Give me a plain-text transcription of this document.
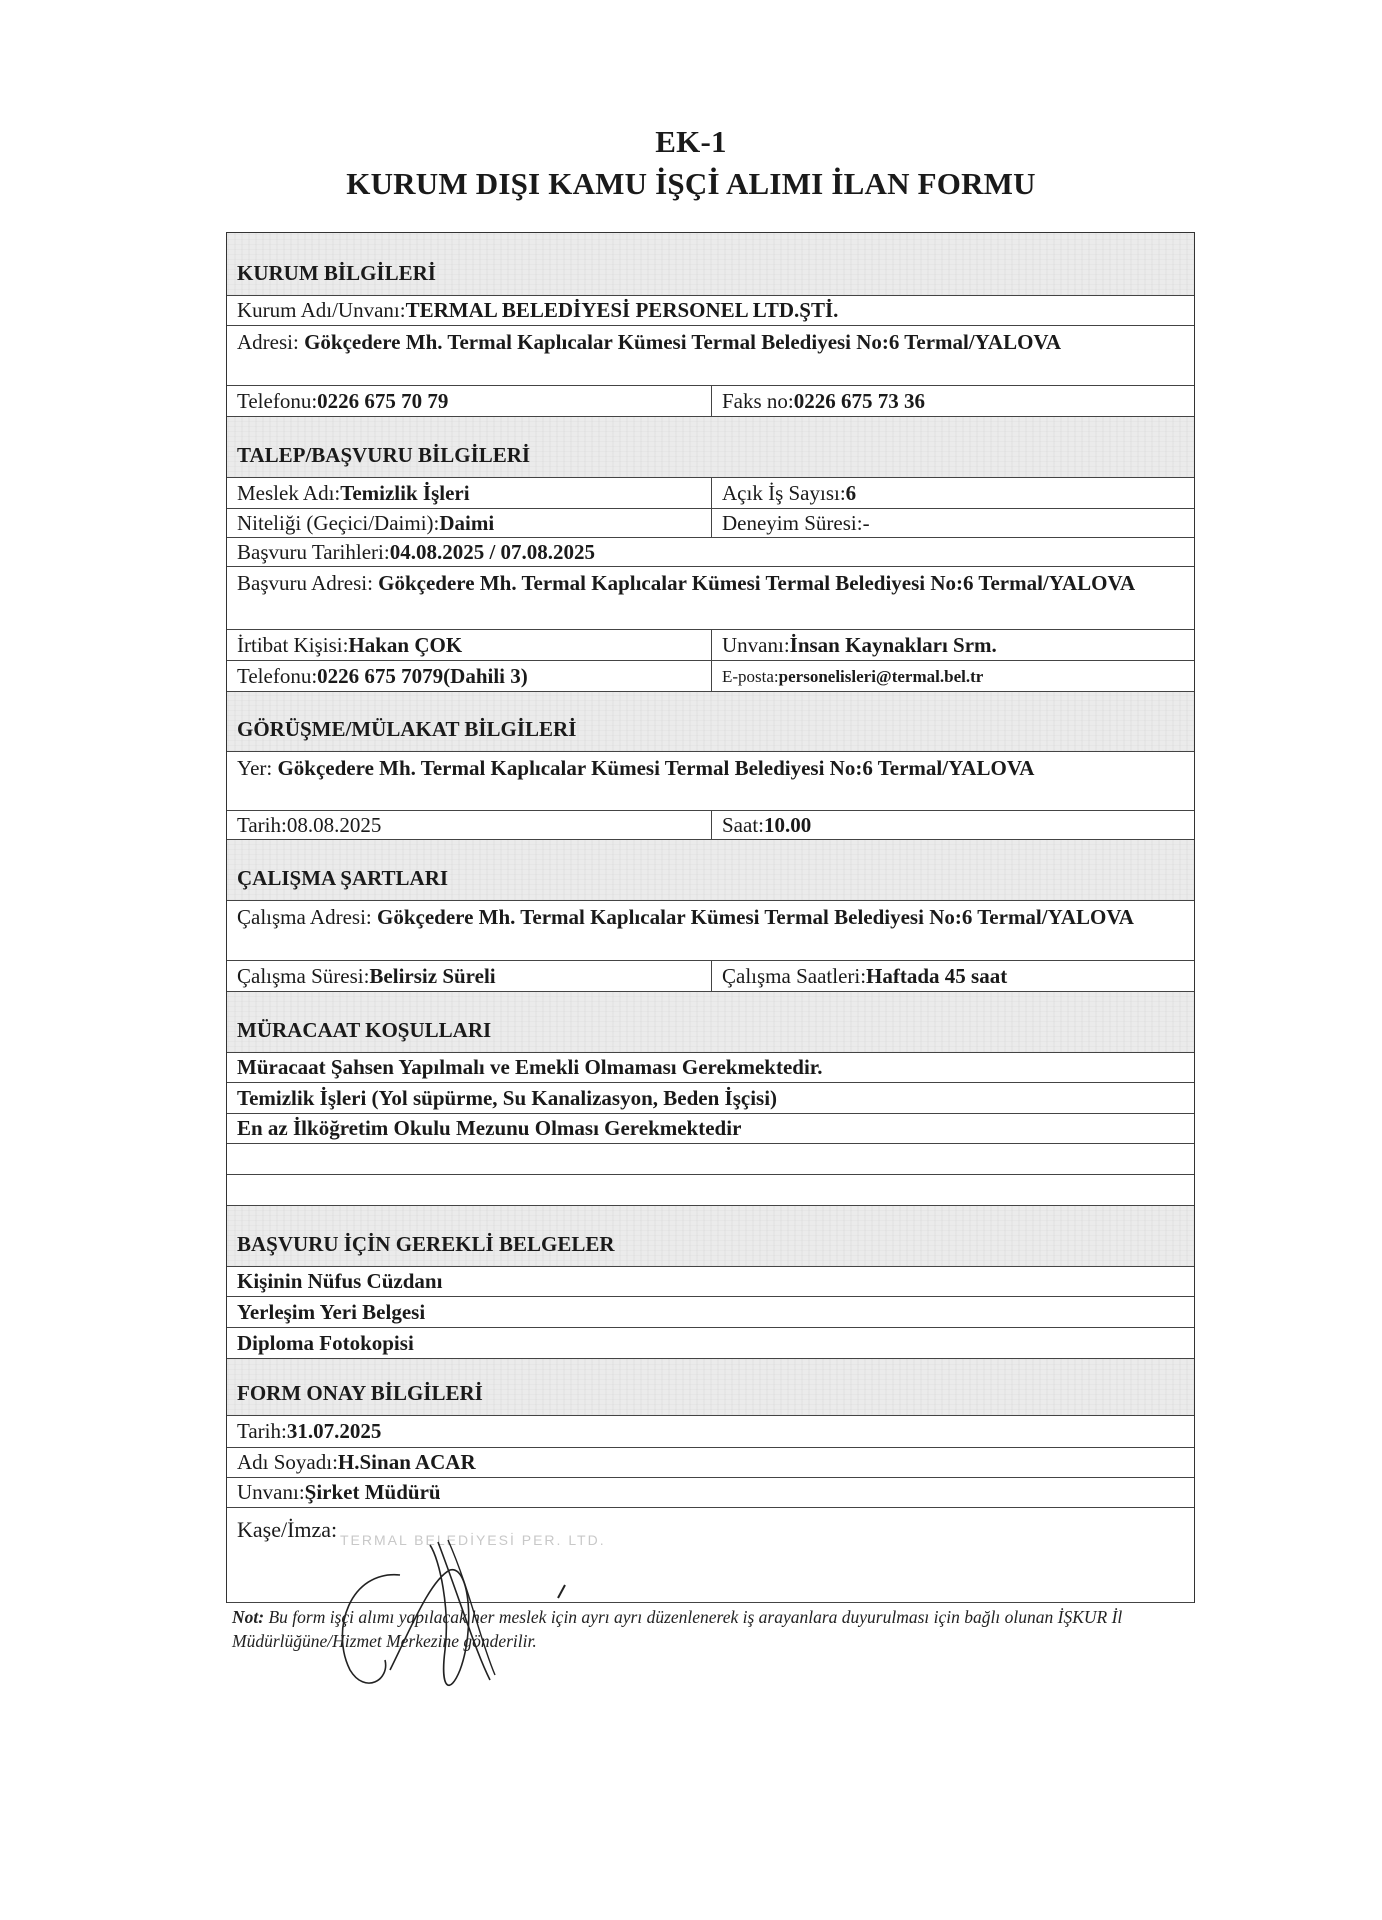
EK-1
KURUM DIŞI KAMU İŞÇİ ALIMI İLAN FORMU
KURUM BİLGİLERİ
Kurum Adı/Unvanı: TERMAL BELEDİYESİ PERSONEL LTD.ŞTİ.
Adresi: Gökçedere Mh. Termal Kaplıcalar Kümesi Termal Belediyesi No:6 Termal/YALOVA
Telefonu: 0226 675 70 79	Faks no: 0226 675 73 36
TALEP/BAŞVURU BİLGİLERİ
Meslek Adı: Temizlik İşleri	Açık İş Sayısı: 6
Niteliği (Geçici/Daimi): Daimi	Deneyim Süresi: -
Başvuru Tarihleri: 04.08.2025 / 07.08.2025
Başvuru Adresi: Gökçedere Mh. Termal Kaplıcalar Kümesi Termal Belediyesi No:6 Termal/YALOVA
İrtibat Kişisi: Hakan ÇOK	Unvanı: İnsan Kaynakları Srm.
Telefonu: 0226 675 7079(Dahili 3)	E-posta: personelisleri@termal.bel.tr
GÖRÜŞME/MÜLAKAT BİLGİLERİ
Yer: Gökçedere Mh. Termal Kaplıcalar Kümesi Termal Belediyesi No:6 Termal/YALOVA
Tarih: 08.08.2025	Saat: 10.00
ÇALIŞMA ŞARTLARI
Çalışma Adresi: Gökçedere Mh. Termal Kaplıcalar Kümesi Termal Belediyesi No:6 Termal/YALOVA
Çalışma Süresi: Belirsiz Süreli	Çalışma Saatleri: Haftada 45 saat
MÜRACAAT KOŞULLARI
Müracaat Şahsen Yapılmalı ve Emekli Olmaması Gerekmektedir.
Temizlik İşleri (Yol süpürme, Su Kanalizasyon, Beden İşçisi)
En az İlköğretim Okulu Mezunu Olması Gerekmektedir
BAŞVURU İÇİN GEREKLİ BELGELER
Kişinin Nüfus Cüzdanı
Yerleşim Yeri Belgesi
Diploma Fotokopisi
FORM ONAY BİLGİLERİ
Tarih: 31.07.2025
Adı Soyadı: H.Sinan ACAR
Unvanı: Şirket Müdürü
Kaşe/İmza: TERMAL BELEDİYESİ PER. LTD.
Not: Bu form işçi alımı yapılacak her meslek için ayrı ayrı düzenlenerek iş arayanlara duyurulması için bağlı olunan İŞKUR İl Müdürlüğüne/Hizmet Merkezine gönderilir.
